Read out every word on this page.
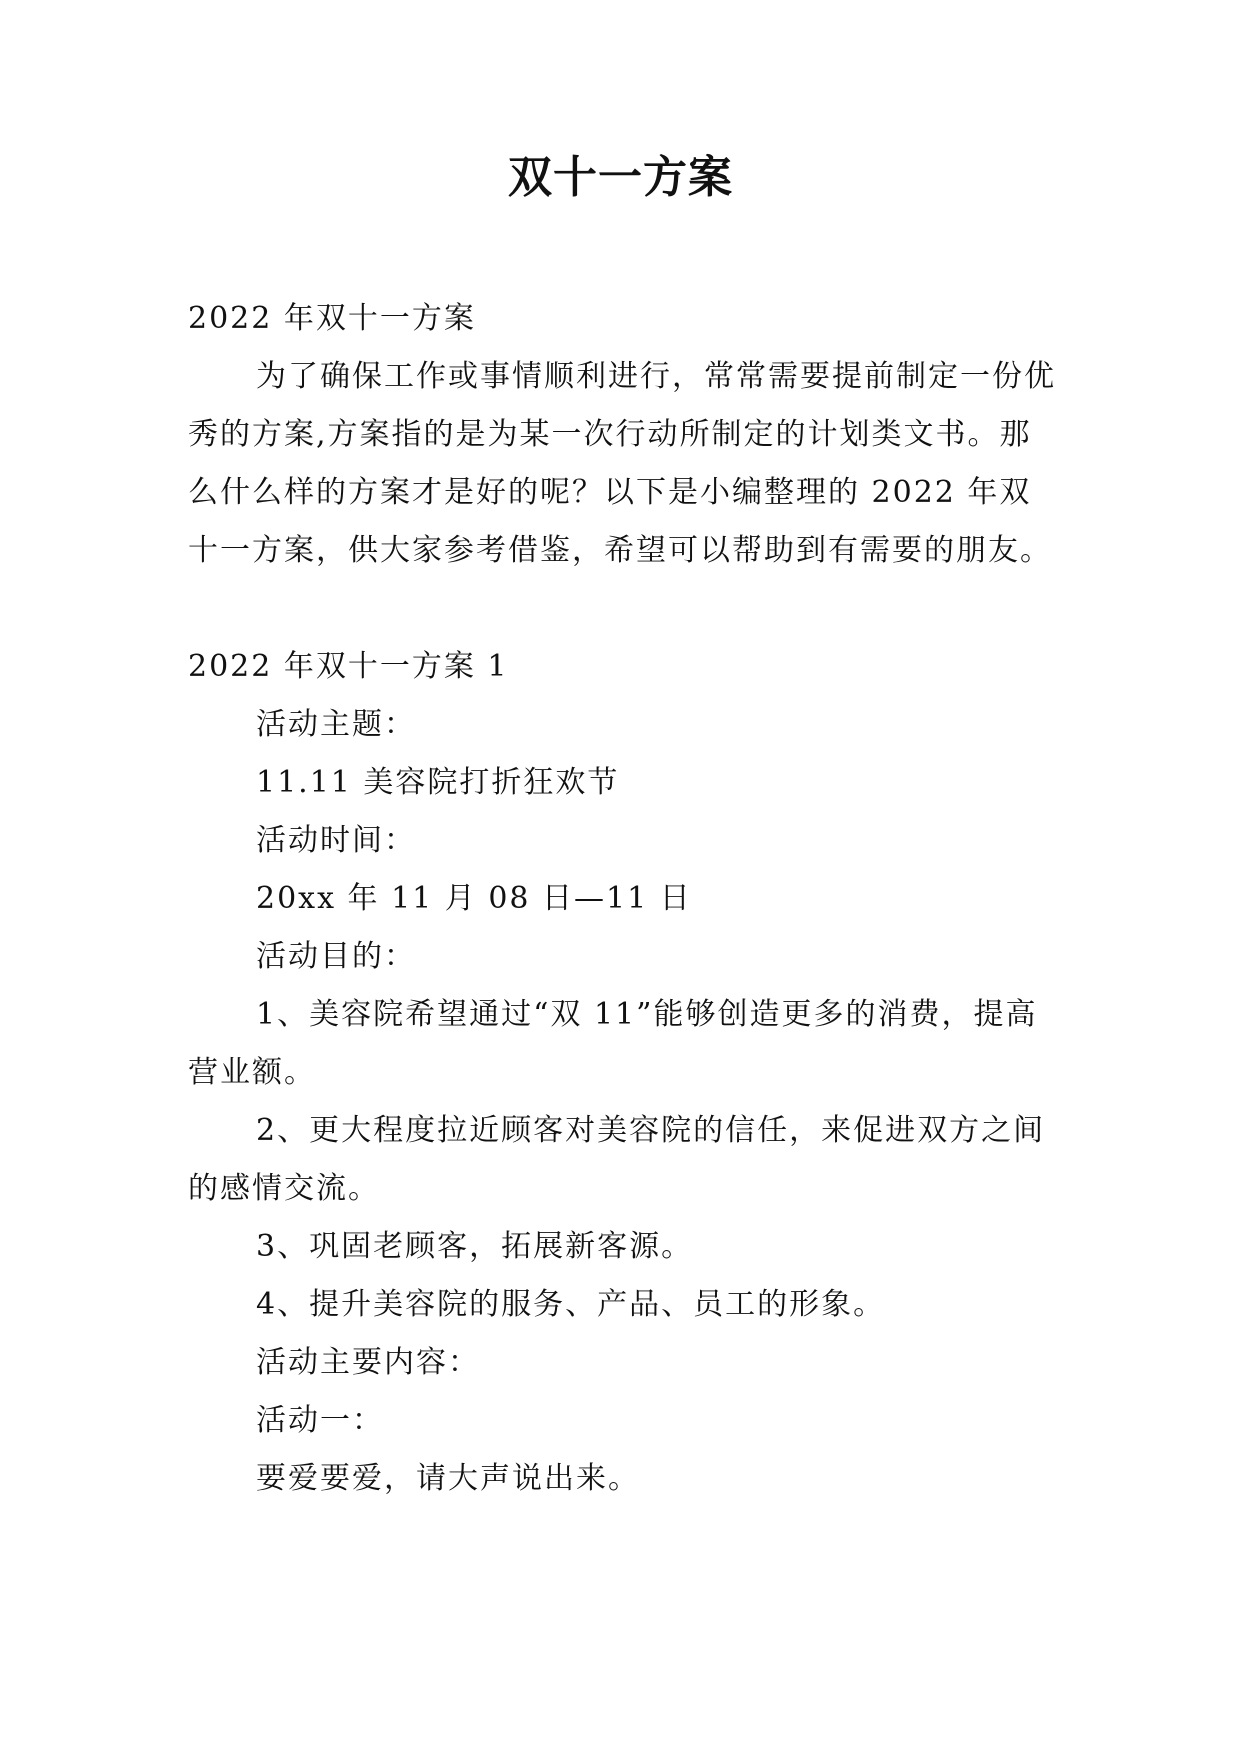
双十一方案

2022 年双十一方案

为了确保工作或事情顺利进行，常常需要提前制定一份优秀的方案,方案指的是为某一次行动所制定的计划类文书。那么什么样的方案才是好的呢？以下是小编整理的 2022 年双十一方案，供大家参考借鉴，希望可以帮助到有需要的朋友。

2022 年双十一方案 1

活动主题：

11.11 美容院打折狂欢节

活动时间：

20xx 年 11 月 08 日—11 日

活动目的：

1、美容院希望通过“双 11”能够创造更多的消费，提高营业额。

2、更大程度拉近顾客对美容院的信任，来促进双方之间的感情交流。

3、巩固老顾客，拓展新客源。

4、提升美容院的服务、产品、员工的形象。

活动主要内容：

活动一：

要爱要爱，请大声说出来。
